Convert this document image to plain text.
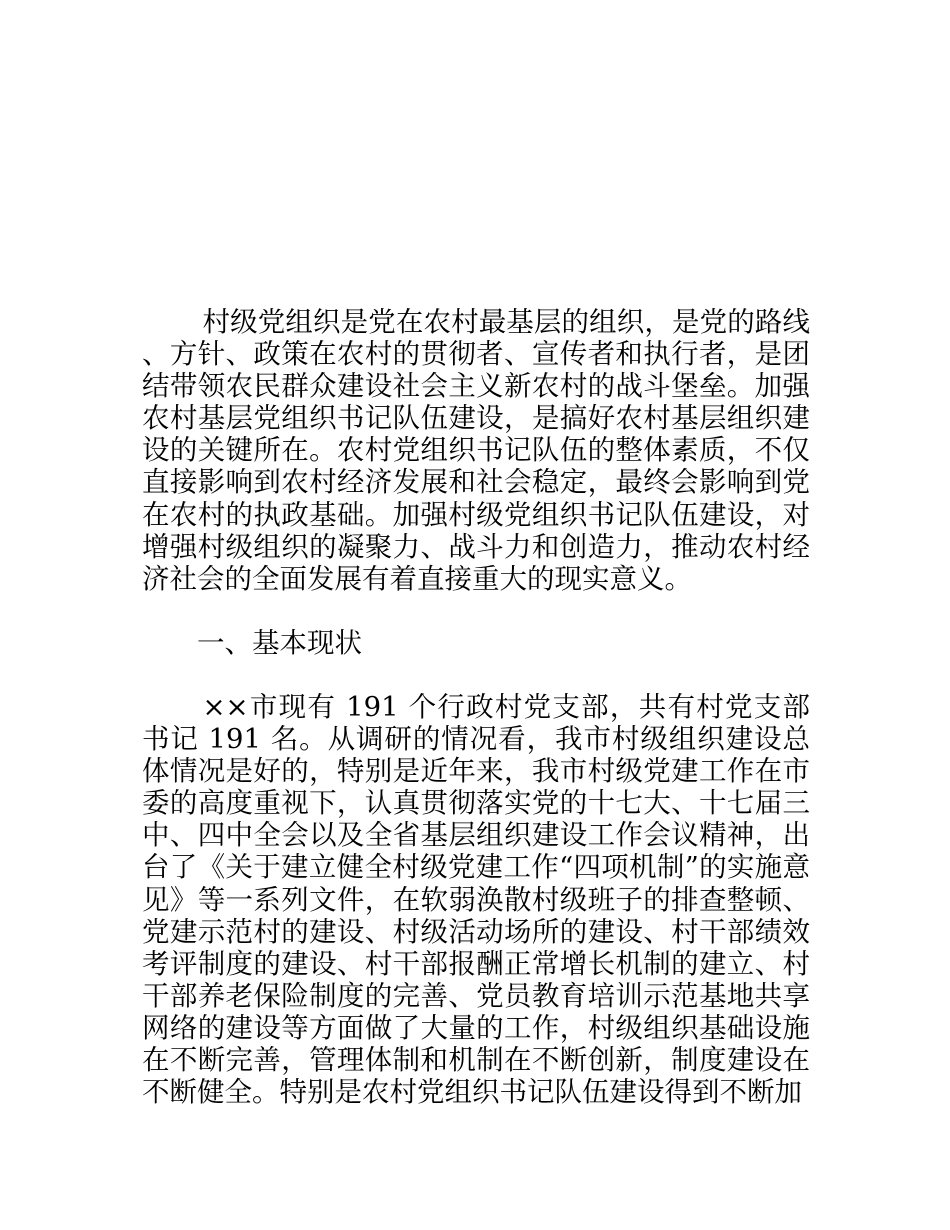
村级党组织是党在农村最基层的组织，是党的路线、方针、政策在农村的贯彻者、宣传者和执行者，是团结带领农民群众建设社会主义新农村的战斗堡垒。加强农村基层党组织书记队伍建设，是搞好农村基层组织建设的关键所在。农村党组织书记队伍的整体素质，不仅直接影响到农村经济发展和社会稳定，最终会影响到党在农村的执政基础。加强村级党组织书记队伍建设，对增强村级组织的凝聚力、战斗力和创造力，推动农村经济社会的全面发展有着直接重大的现实意义。

一、基本现状

××市现有 191 个行政村党支部，共有村党支部书记 191 名。从调研的情况看，我市村级组织建设总体情况是好的，特别是近年来，我市村级党建工作在市委的高度重视下，认真贯彻落实党的十七大、十七届三中、四中全会以及全省基层组织建设工作会议精神，出台了《关于建立健全村级党建工作“四项机制”的实施意见》等一系列文件，在软弱涣散村级班子的排查整顿、党建示范村的建设、村级活动场所的建设、村干部绩效考评制度的建设、村干部报酬正常增长机制的建立、村干部养老保险制度的完善、党员教育培训示范基地共享网络的建设等方面做了大量的工作，村级组织基础设施在不断完善，管理体制和机制在不断创新，制度建设在不断健全。特别是农村党组织书记队伍建设得到不断加
